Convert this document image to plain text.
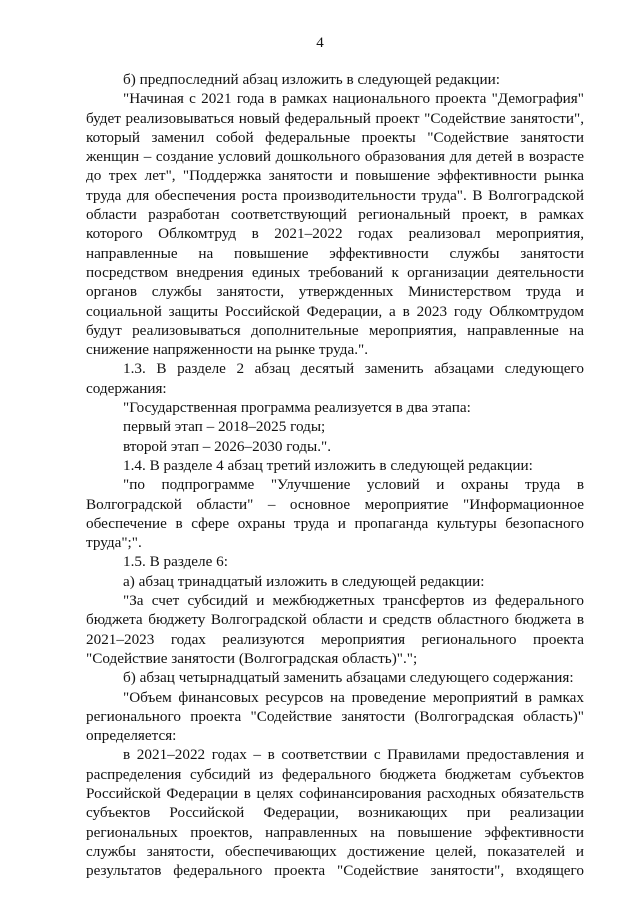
4

б) предпоследний абзац изложить в следующей редакции:

"Начиная с 2021 года в рамках национального проекта "Демография" будет реализовываться новый федеральный проект "Содействие занятости", который заменил собой федеральные проекты "Содействие занятости женщин – создание условий дошкольного образования для детей в возрасте до трех лет", "Поддержка занятости и повышение эффективности рынка труда для обеспечения роста производительности труда". В Волгоградской области разработан соответствующий региональный проект, в рамках которого Облкомтруд в 2021–2022 годах реализовал мероприятия, направленные на повышение эффективности службы занятости посредством внедрения единых требований к организации деятельности органов службы занятости, утвержденных Министерством труда и социальной защиты Российской Федерации, а в 2023 году Облкомтрудом будут реализовываться дополнительные мероприятия, направленные на снижение напряженности на рынке труда.".

1.3. В разделе 2 абзац десятый заменить абзацами следующего содержания:

"Государственная программа реализуется в два этапа:

первый этап – 2018–2025 годы;

второй этап – 2026–2030 годы.".

1.4. В разделе 4 абзац третий изложить в следующей редакции:

"по подпрограмме "Улучшение условий и охраны труда в Волгоградской области" – основное мероприятие "Информационное обеспечение в сфере охраны труда и пропаганда культуры безопасного труда";".

1.5. В разделе 6:

а) абзац тринадцатый изложить в следующей редакции:

"За счет субсидий и межбюджетных трансфертов из федерального бюджета бюджету Волгоградской области и средств областного бюджета в 2021–2023 годах реализуются мероприятия регионального проекта "Содействие занятости (Волгоградская область)".";

б) абзац четырнадцатый заменить абзацами следующего содержания:

"Объем финансовых ресурсов на проведение мероприятий в рамках регионального проекта "Содействие занятости (Волгоградская область)" определяется:

в 2021–2022 годах – в соответствии с Правилами предоставления и распределения субсидий из федерального бюджета бюджетам субъектов Российской Федерации в целях софинансирования расходных обязательств субъектов Российской Федерации, возникающих при реализации региональных проектов, направленных на повышение эффективности службы занятости, обеспечивающих достижение целей, показателей и результатов федерального проекта "Содействие занятости", входящего
